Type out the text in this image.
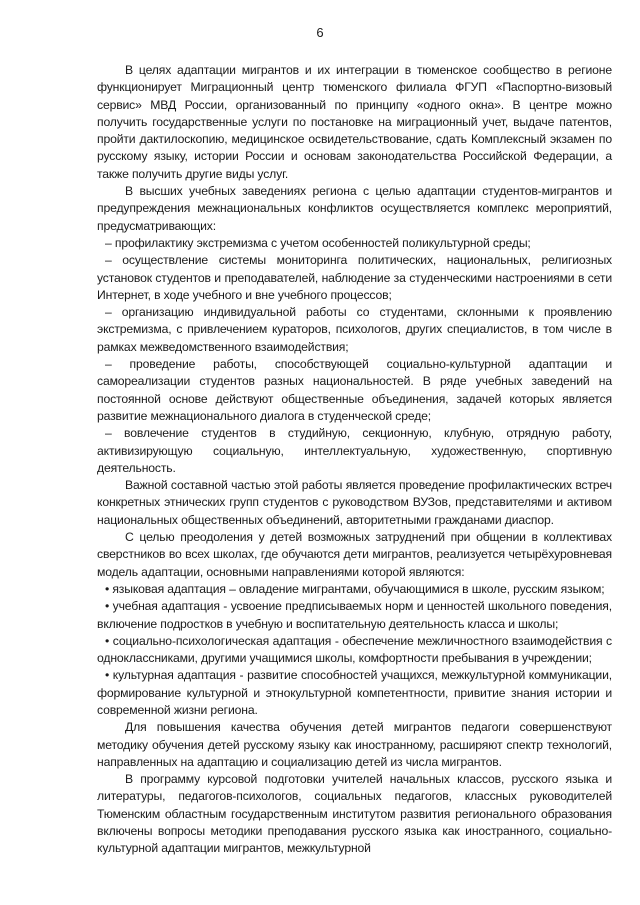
6

В целях адаптации мигрантов и их интеграции в тюменское сообщество в регионе функционирует Миграционный центр тюменского филиала ФГУП «Паспортно-визовый сервис» МВД России, организованный по принципу «одного окна». В центре можно получить государственные услуги по постановке на миграционный учет, выдаче патентов, пройти дактилоскопию, медицинское освидетельствование, сдать Комплексный экзамен по русскому языку, истории России и основам законодательства Российской Федерации, а также получить другие виды услуг.

В высших учебных заведениях региона с целью адаптации студентов-мигрантов и предупреждения межнациональных конфликтов осуществляется комплекс мероприятий, предусматривающих:

– профилактику экстремизма с учетом особенностей поликультурной среды;

– осуществление системы мониторинга политических, национальных, религиозных установок студентов и преподавателей, наблюдение за студенческими настроениями в сети Интернет, в ходе учебного и вне учебного процессов;

– организацию индивидуальной работы со студентами, склонными к проявлению экстремизма, с привлечением кураторов, психологов, других специалистов, в том числе в рамках межведомственного взаимодействия;

– проведение работы, способствующей социально-культурной адаптации и самореализации студентов разных национальностей. В ряде учебных заведений на постоянной основе действуют общественные объединения, задачей которых является развитие межнационального диалога в студенческой среде;

– вовлечение студентов в студийную, секционную, клубную, отрядную работу, активизирующую социальную, интеллектуальную, художественную, спортивную деятельность.

Важной составной частью этой работы является проведение профилактических встреч конкретных этнических групп студентов с руководством ВУЗов, представителями и активом национальных общественных объединений, авторитетными гражданами диаспор.

С целью преодоления у детей возможных затруднений при общении в коллективах сверстников во всех школах, где обучаются дети мигрантов, реализуется четырёхуровневая модель адаптации, основными направлениями которой являются:

• языковая адаптация – овладение мигрантами, обучающимися в школе, русским языком;

• учебная адаптация - усвоение предписываемых норм и ценностей школьного поведения, включение подростков в учебную и воспитательную деятельность класса и школы;

• социально-психологическая адаптация - обеспечение межличностного взаимодействия с одноклассниками, другими учащимися школы, комфортности пребывания в учреждении;

• культурная адаптация - развитие способностей учащихся, межкультурной коммуникации, формирование культурной и этнокультурной компетентности, привитие знания истории и современной жизни региона.

Для повышения качества обучения детей мигрантов педагоги совершенствуют методику обучения детей русскому языку как иностранному, расширяют спектр технологий, направленных на адаптацию и социализацию детей из числа мигрантов.

В программу курсовой подготовки учителей начальных классов, русского языка и литературы, педагогов-психологов, социальных педагогов, классных руководителей Тюменским областным государственным институтом развития регионального образования включены вопросы методики преподавания русского языка как иностранного, социально-культурной адаптации мигрантов, межкультурной
